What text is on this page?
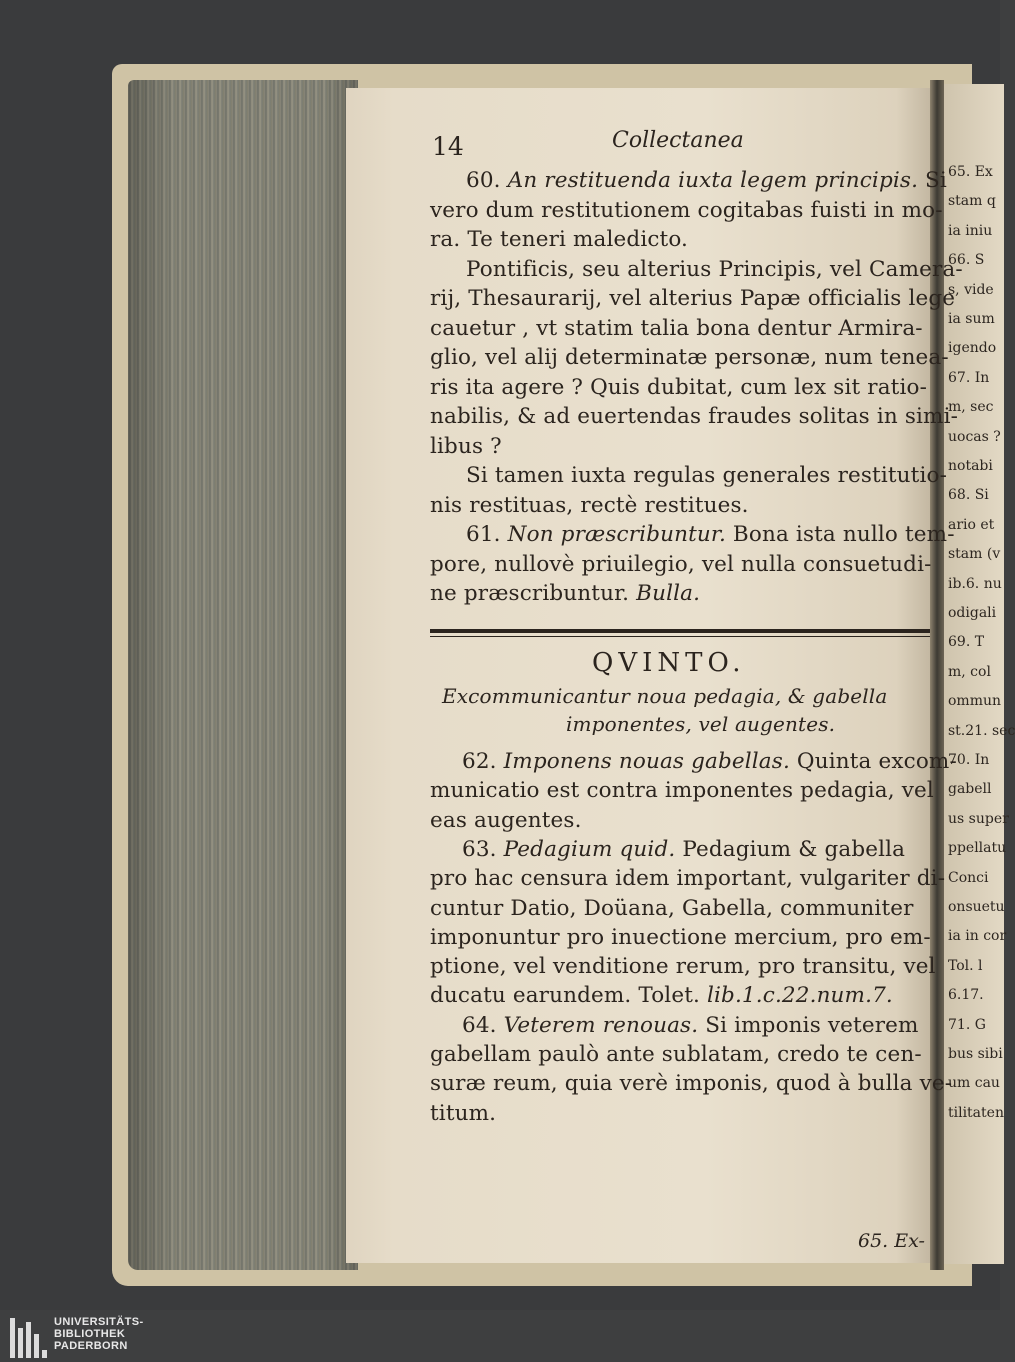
65. Ex
stam q
ia iniu
66. S
s, vide
ia sum
igendo
67. In
m, sec
uocas ?
notabi
68. Si
ario et
stam (v
ib.6. nu
odigali
69. T
m, col
ommun
st.21. sec
70. In
gabell
us super
ppellatu
Conci
onsuetu
ia in cor
Tol. l
6.17.
71. G
bus sibi
um cau
tilitaten
14	Collectanea
60. An restituenda iuxta legem principis. Si
vero dum restitutionem cogitabas fuisti in mo-
ra. Te teneri maledicto.
Pontificis, seu alterius Principis, vel Camera-
rij, Thesaurarij, vel alterius Papæ officialis lege
cauetur , vt statim talia bona dentur Armira-
glio, vel alij determinatæ personæ, num tenea-
ris ita agere ? Quis dubitat, cum lex sit ratio-
nabilis, & ad euertendas fraudes solitas in simi-
libus ?
Si tamen iuxta regulas generales restitutio-
nis restituas, rectè restitues.
61. Non præscribuntur. Bona ista nullo tem-
pore, nullovè priuilegio, vel nulla consuetudi-
ne præscribuntur. Bulla.
QVINTO.
Excommunicantur noua pedagia, & gabella
imponentes, vel augentes.
62. Imponens nouas gabellas. Quinta excom-
municatio est contra imponentes pedagia, vel
eas augentes.
63. Pedagium quid. Pedagium & gabella
pro hac censura idem important, vulgariter di-
cuntur Datio, Doüana, Gabella, communiter
imponuntur pro inuectione mercium, pro em-
ptione, vel venditione rerum, pro transitu, vel
ducatu earundem. Tolet. lib.1.c.22.num.7.
64. Veterem renouas. Si imponis veterem
gabellam paulò ante sublatam, credo te cen-
suræ reum, quia verè imponis, quod à bulla ve-
titum.
65. Ex-
UNIVERSITÄTS-
BIBLIOTHEK
PADERBORN
